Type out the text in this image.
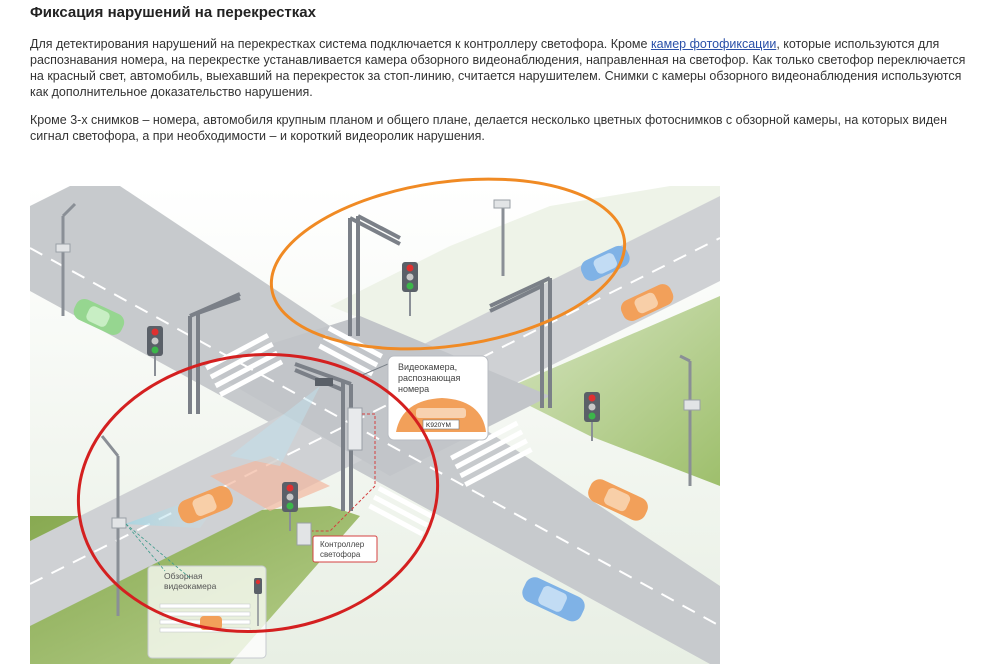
Фиксация нарушений на перекрестках

Для детектирования нарушений на перекрестках система подключается к контроллеру светофора. Кроме камер фотофиксации, которые используются для распознавания номера, на перекрестке устанавливается камера обзорного видеонаблюдения, направленная на светофор. Как только светофор переключается на красный свет, автомобиль, выехавший на перекресток за стоп-линию, считается нарушителем. Снимки с камеры обзорного видеонаблюдения используются как дополнительное доказательство нарушения.

Кроме 3-х снимков – номера, автомобиля крупным планом и общего плане, делается несколько цветных фотоснимков с обзорной камеры, на которых виден сигнал светофора, а при необходимости – и короткий видеоролик нарушения.

Видеокамера,
распознающая
номера
K920YM
Контроллер
светофора
Обзорная
видеокамера
